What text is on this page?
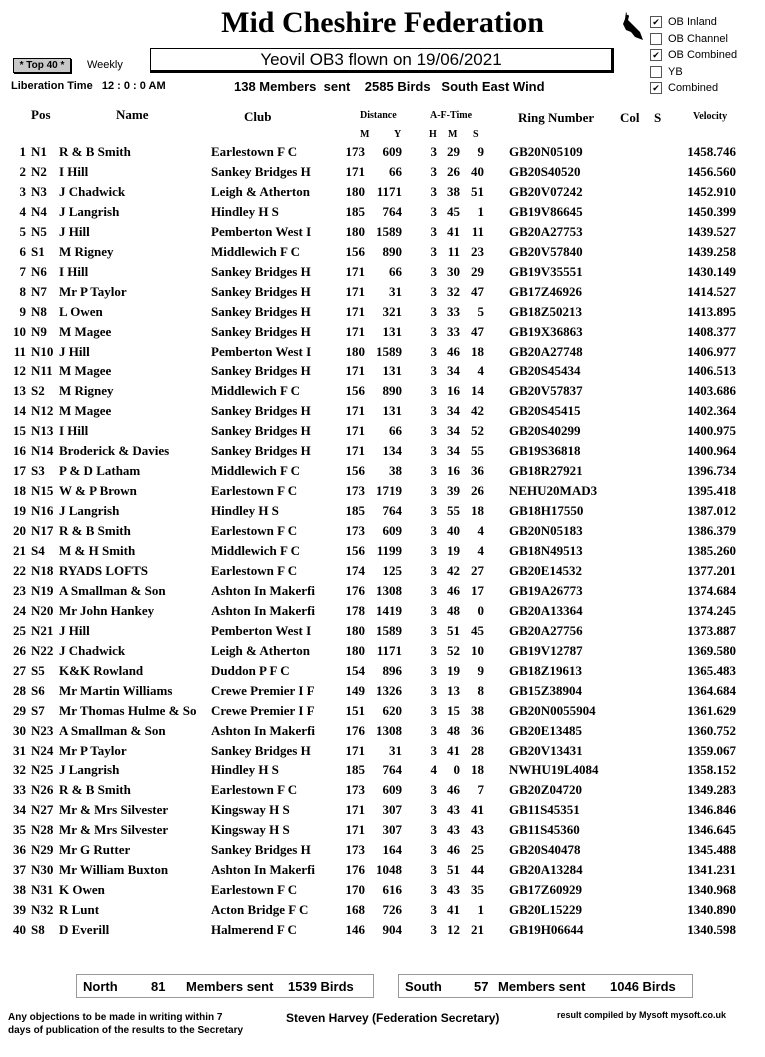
Mid Cheshire Federation	✔ OB Inland
OB Channel
✔ OB Combined
YB
✔ Combined
* Top 40 *	Weekly	Yeovil OB3 flown on 19/06/2021
Liberation Time 12 : 0 : 0 AM	138 Members  sent 2585 Birds South East Wind
Pos	Name	Club	Distance	A-F-Time	Ring Number Col S	Velocity
M Y	H M S
1 N1 R & B Smith	Earlestown F C	173	609	3 29	9 GB20N05109	1458.746
2 N2 I Hill	Sankey Bridges H	171	66	3 26 40 GB20S40520	1456.560
3 N3 J Chadwick	Leigh & Atherton	180 1171	3 38 51 GB20V07242	1452.910
4 N4 J Langrish	Hindley H S	185	764	3 45	1 GB19V86645	1450.399
5 N5 J Hill	Pemberton West I	180 1589	3 41 11 GB20A27753	1439.527
6 S1	M Rigney	Middlewich F C	156	890	3 11 23 GB20V57840	1439.258
7 N6 I Hill	Sankey Bridges H	171	66	3 30 29 GB19V35551	1430.149
8 N7 Mr P Taylor	Sankey Bridges H	171	31	3 32 47 GB17Z46926	1414.527
9 N8 L Owen	Sankey Bridges H	171	321	3 33	5 GB18Z50213	1413.895
10 N9 M Magee	Sankey Bridges H	171	131	3 33 47 GB19X36863	1408.377
11 N10 J Hill	Pemberton West I	180 1589	3 46 18 GB20A27748	1406.977
12 N11 M Magee	Sankey Bridges H	171	131	3 34	4 GB20S45434	1406.513
13 S2	M Rigney	Middlewich F C	156	890	3 16 14 GB20V57837	1403.686
14 N12 M Magee	Sankey Bridges H	171	131	3 34 42 GB20S45415	1402.364
15 N13 I Hill	Sankey Bridges H	171	66	3 34 52 GB20S40299	1400.975
16 N14 Broderick & Davies	Sankey Bridges H	171	134	3 34 55 GB19S36818	1400.964
17 S3	P & D Latham	Middlewich F C	156	38	3 16 36 GB18R27921	1396.734
18 N15 W & P Brown	Earlestown F C	173 1719	3 39 26 NEHU20MAD3	1395.418
19 N16 J Langrish	Hindley H S	185	764	3 55 18 GB18H17550	1387.012
20 N17 R & B Smith	Earlestown F C	173	609	3 40	4 GB20N05183	1386.379
21 S4	M & H Smith	Middlewich F C	156 1199	3 19	4 GB18N49513	1385.260
22 N18 RYADS LOFTS	Earlestown F C	174	125	3 42 27 GB20E14532	1377.201
23 N19 A Smallman & Son	Ashton In Makerfi	176 1308	3 46 17 GB19A26773	1374.684
24 N20 Mr John Hankey	Ashton In Makerfi	178 1419	3 48	0 GB20A13364	1374.245
25 N21 J Hill	Pemberton West I	180 1589	3 51 45 GB20A27756	1373.887
26 N22 J Chadwick	Leigh & Atherton	180 1171	3 52 10 GB19V12787	1369.580
27 S5	K&K Rowland	Duddon P F C	154	896	3 19	9 GB18Z19613	1365.483
28 S6	Mr Martin Williams	Crewe Premier I F	149 1326	3 13	8 GB15Z38904	1364.684
29 S7	Mr Thomas Hulme & So	Crewe Premier I F	151	620	3 15 38 GB20N0055904	1361.629
30 N23 A Smallman & Son	Ashton In Makerfi	176 1308	3 48 36 GB20E13485	1360.752
31 N24 Mr P Taylor	Sankey Bridges H	171	31	3 41 28 GB20V13431	1359.067
32 N25 J Langrish	Hindley H S	185	764	4	0 18 NWHU19L4084	1358.152
33 N26 R & B Smith	Earlestown F C	173	609	3 46	7 GB20Z04720	1349.283
34 N27 Mr & Mrs Silvester	Kingsway H S	171	307	3 43 41 GB11S45351	1346.846
35 N28 Mr & Mrs Silvester	Kingsway H S	171	307	3 43 43 GB11S45360	1346.645
36 N29 Mr G Rutter	Sankey Bridges H	173	164	3 46 25 GB20S40478	1345.488
37 N30 Mr William Buxton	Ashton In Makerfi	176 1048	3 51 44 GB20A13284	1341.231
38 N31 K Owen	Earlestown F C	170	616	3 43 35 GB17Z60929	1340.968
39 N32 R Lunt	Acton Bridge F C	168	726	3 41	1 GB20L15229	1340.890
40 S8	D Everill	Halmerend F C	146	904	3 12 21 GB19H06644	1340.598
North	81 Members sent 1539 Birds	South 57 Members sent 1046 Birds
Any objections to be made in writing within 7
days of publication of the results to the Secretary
Steven Harvey (Federation Secretary)	result compiled by Mysoft mysoft.co.uk
